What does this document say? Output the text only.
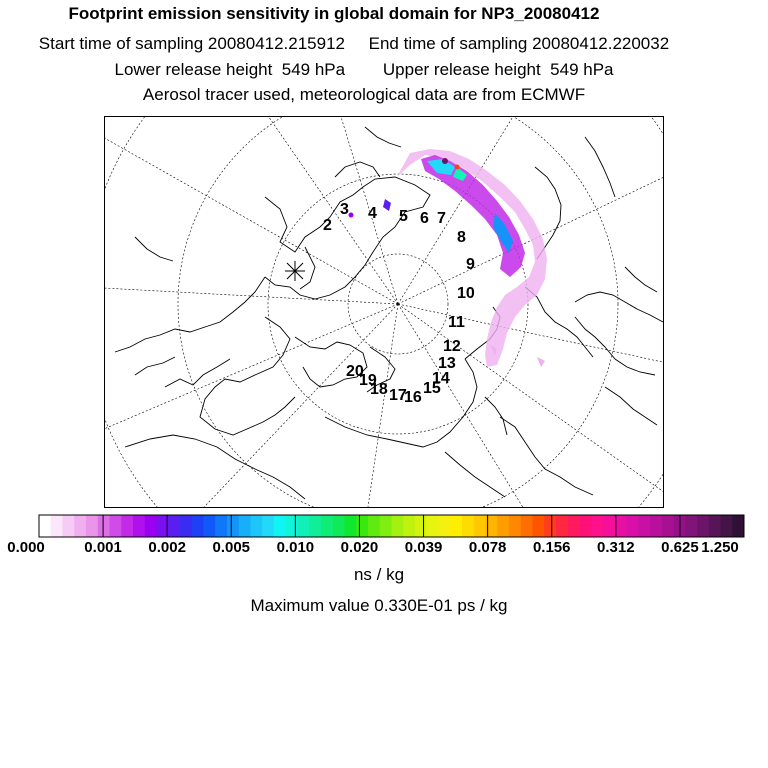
Footprint emission sensitivity in global domain for NP3_20080412
Start time of sampling 20080412.215912     End time of sampling 20080412.220032
Lower release height  549 hPa        Upper release height  549 hPa
Aerosol tracer used, meteorological data are from ECMWF
2
3 4 5 6 7
8
9
10
11
12
13
14
15
16
17
18
19
20
0.000	0.001 0.002 0.005 0.010 0.020 0.039 0.078 0.156 0.312 0.625 1.250
ns / kg
Maximum value 0.330E-01 ps / kg
